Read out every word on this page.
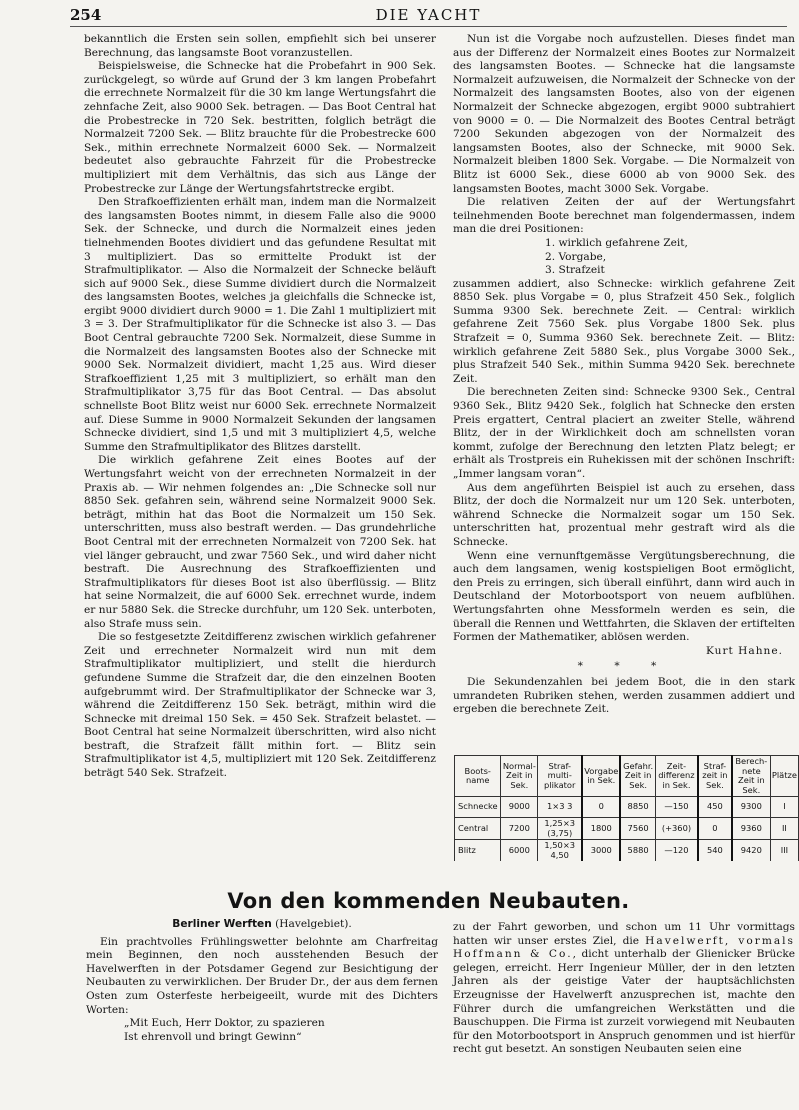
254	DIE YACHT

bekanntlich die Ersten sein sollen, empfiehlt sich bei unserer Berechnung, das langsamste Boot voranzustellen.

Beispielsweise, die Schnecke hat die Probefahrt in 900 Sek. zurückgelegt, so würde auf Grund der 3 km langen Probefahrt die errechnete Normalzeit für die 30 km lange Wertungsfahrt die zehnfache Zeit, also 9000 Sek. betragen. — Das Boot Central hat die Probestrecke in 720 Sek. bestritten, folglich beträgt die Normalzeit 7200 Sek. — Blitz brauchte für die Probestrecke 600 Sek., mithin errechnete Normalzeit 6000 Sek. — Normalzeit bedeutet also gebrauchte Fahrzeit für die Probestrecke multipliziert mit dem Verhältnis, das sich aus Länge der Probestrecke zur Länge der Wertungsfahrtstrecke ergibt.

Den Strafkoeffizienten erhält man, indem man die Normalzeit des langsamsten Bootes nimmt, in diesem Falle also die 9000 Sek. der Schnecke, und durch die Normalzeit eines jeden tielnehmenden Bootes dividiert und das gefundene Resultat mit 3 multipliziert. Das so ermittelte Produkt ist der Strafmultiplikator. — Also die Normalzeit der Schnecke beläuft sich auf 9000 Sek., diese Summe dividiert durch die Normalzeit des langsamsten Bootes, welches ja gleichfalls die Schnecke ist, ergibt 9000 dividiert durch 9000 = 1. Die Zahl 1 multipliziert mit 3 = 3. Der Strafmultiplikator für die Schnecke ist also 3. — Das Boot Central gebrauchte 7200 Sek. Normalzeit, diese Summe in die Normalzeit des langsamsten Bootes also der Schnecke mit 9000 Sek. Normalzeit dividiert, macht 1,25 aus. Wird dieser Strafkoeffizient 1,25 mit 3 multipliziert, so erhält man den Strafmultiplikator 3,75 für das Boot Central. — Das absolut schnellste Boot Blitz weist nur 6000 Sek. errechnete Normalzeit auf. Diese Summe in 9000 Normalzeit Sekunden der langsamen Schnecke dividiert, sind 1,5 und mit 3 multipliziert 4,5, welche Summe den Strafmultiplikator des Blitzes darstellt.

Die wirklich gefahrene Zeit eines Bootes auf der Wertungsfahrt weicht von der errechneten Normalzeit in der Praxis ab. — Wir nehmen folgendes an: „Die Schnecke soll nur 8850 Sek. gefahren sein, während seine Normalzeit 9000 Sek. beträgt, mithin hat das Boot die Normalzeit um 150 Sek. unterschritten, muss also bestraft werden. — Das grundehrliche Boot Central mit der errechneten Normalzeit von 7200 Sek. hat viel länger gebraucht, und zwar 7560 Sek., und wird daher nicht bestraft. Die Ausrechnung des Strafkoeffizienten und Strafmultiplikators für dieses Boot ist also überflüssig. — Blitz hat seine Normalzeit, die auf 6000 Sek. errechnet wurde, indem er nur 5880 Sek. die Strecke durchfuhr, um 120 Sek. unterboten, also Strafe muss sein.

Die so festgesetzte Zeitdifferenz zwischen wirklich gefahrener Zeit und errechneter Normalzeit wird nun mit dem Strafmultiplikator multipliziert, und stellt die hierdurch gefundene Summe die Strafzeit dar, die den einzelnen Booten aufgebrummt wird. Der Strafmultiplikator der Schnecke war 3, während die Zeitdifferenz 150 Sek. beträgt, mithin wird die Schnecke mit dreimal 150 Sek. = 450 Sek. Strafzeit belastet. — Boot Central hat seine Normalzeit überschritten, wird also nicht bestraft, die Strafzeit fällt mithin fort. — Blitz sein Strafmultiplikator ist 4,5, multipliziert mit 120 Sek. Zeitdifferenz beträgt 540 Sek. Strafzeit.

Nun ist die Vorgabe noch aufzustellen. Dieses findet man aus der Differenz der Normalzeit eines Bootes zur Normalzeit des langsamsten Bootes. — Schnecke hat die langsamste Normalzeit aufzuweisen, die Normalzeit der Schnecke von der Normalzeit des langsamsten Bootes, also von der eigenen Normalzeit der Schnecke abgezogen, ergibt 9000 subtrahiert von 9000 = 0. — Die Normalzeit des Bootes Central beträgt 7200 Sekunden abgezogen von der Normalzeit des langsamsten Bootes, also der Schnecke, mit 9000 Sek. Normalzeit bleiben 1800 Sek. Vorgabe. — Die Normalzeit von Blitz ist 6000 Sek., diese 6000 ab von 9000 Sek. des langsamsten Bootes, macht 3000 Sek. Vorgabe.

Die relativen Zeiten der auf der Wertungsfahrt teilnehmenden Boote berechnet man folgendermassen, indem man die drei Positionen:

1. wirklich gefahrene Zeit,
2. Vorgabe,
3. Strafzeit

zusammen addiert, also Schnecke: wirklich gefahrene Zeit 8850 Sek. plus Vorgabe = 0, plus Strafzeit 450 Sek., folglich Summa 9300 Sek. berechnete Zeit. — Central: wirklich gefahrene Zeit 7560 Sek. plus Vorgabe 1800 Sek. plus Strafzeit = 0, Summa 9360 Sek. berechnete Zeit. — Blitz: wirklich gefahrene Zeit 5880 Sek., plus Vorgabe 3000 Sek., plus Strafzeit 540 Sek., mithin Summa 9420 Sek. berechnete Zeit.

Die berechneten Zeiten sind: Schnecke 9300 Sek., Central 9360 Sek., Blitz 9420 Sek., folglich hat Schnecke den ersten Preis ergattert, Central placiert an zweiter Stelle, während Blitz, der in der Wirklichkeit doch am schnellsten voran kommt, zufolge der Berechnung den letzten Platz belegt; er erhält als Trostpreis ein Ruhekissen mit der schönen Inschrift: „Immer langsam voran“.

Aus dem angeführten Beispiel ist auch zu ersehen, dass Blitz, der doch die Normalzeit nur um 120 Sek. unterboten, während Schnecke die Normalzeit sogar um 150 Sek. unterschritten hat, prozentual mehr gestraft wird als die Schnecke.

Wenn eine vernunftgemässe Vergütungsberechnung, die auch dem langsamen, wenig kostspieligen Boot ermöglicht, den Preis zu erringen, sich überall einführt, dann wird auch in Deutschland der Motorbootsport von neuem aufblühen. Wertungsfahrten ohne Messformeln werden es sein, die überall die Rennen und Wettfahrten, die Sklaven der ertiftelten Formen der Mathematiker, ablösen werden.

Kurt Hahne.
* * *

Die Sekundenzahlen bei jedem Boot, die in den stark umrandeten Rubriken stehen, werden zusammen addiert und ergeben die berechnete Zeit.

Boots-name	Normal-Zeit in Sek.	Straf-multi-plikator	Vorgabe in Sek.	Gefahr. Zeit in Sek.	Zeit-differenz in Sek.	Straf-zeit in Sek.	Berech-nete Zeit in Sek.	Plätze
Schnecke	9000	1×3 3	0	8850	—150	450	9300	I
Central	7200	1,25×3 (3,75)	1800	7560	(+360)	0	9360	II
Blitz	6000	1,50×3 4,50	3000	5880	—120	540	9420	III
Von den kommenden Neubauten.
Berliner Werften (Havelgebiet).

Ein prachtvolles Frühlingswetter belohnte am Charfreitag mein Beginnen, den noch ausstehenden Besuch der Havelwerften in der Potsdamer Gegend zur Besichtigung der Neubauten zu verwirklichen. Der Bruder Dr., der aus dem fernen Osten zum Osterfeste herbeigeeilt, wurde mit des Dichters Worten:

„Mit Euch, Herr Doktor, zu spazieren
Ist ehrenvoll und bringt Gewinn“

zu der Fahrt geworben, und schon um 11 Uhr vormittags hatten wir unser erstes Ziel, die Havelwerft, vormals Hoffmann & Co., dicht unterhalb der Glienicker Brücke gelegen, erreicht. Herr Ingenieur Müller, der in den letzten Jahren als der geistige Vater der hauptsächlichsten Erzeugnisse der Havelwerft anzusprechen ist, machte den Führer durch die umfangreichen Werkstätten und die Bauschuppen. Die Firma ist zurzeit vorwiegend mit Neubauten für den Motorbootsport in Anspruch genommen und ist hierfür recht gut besetzt. An sonstigen Neubauten seien eine
